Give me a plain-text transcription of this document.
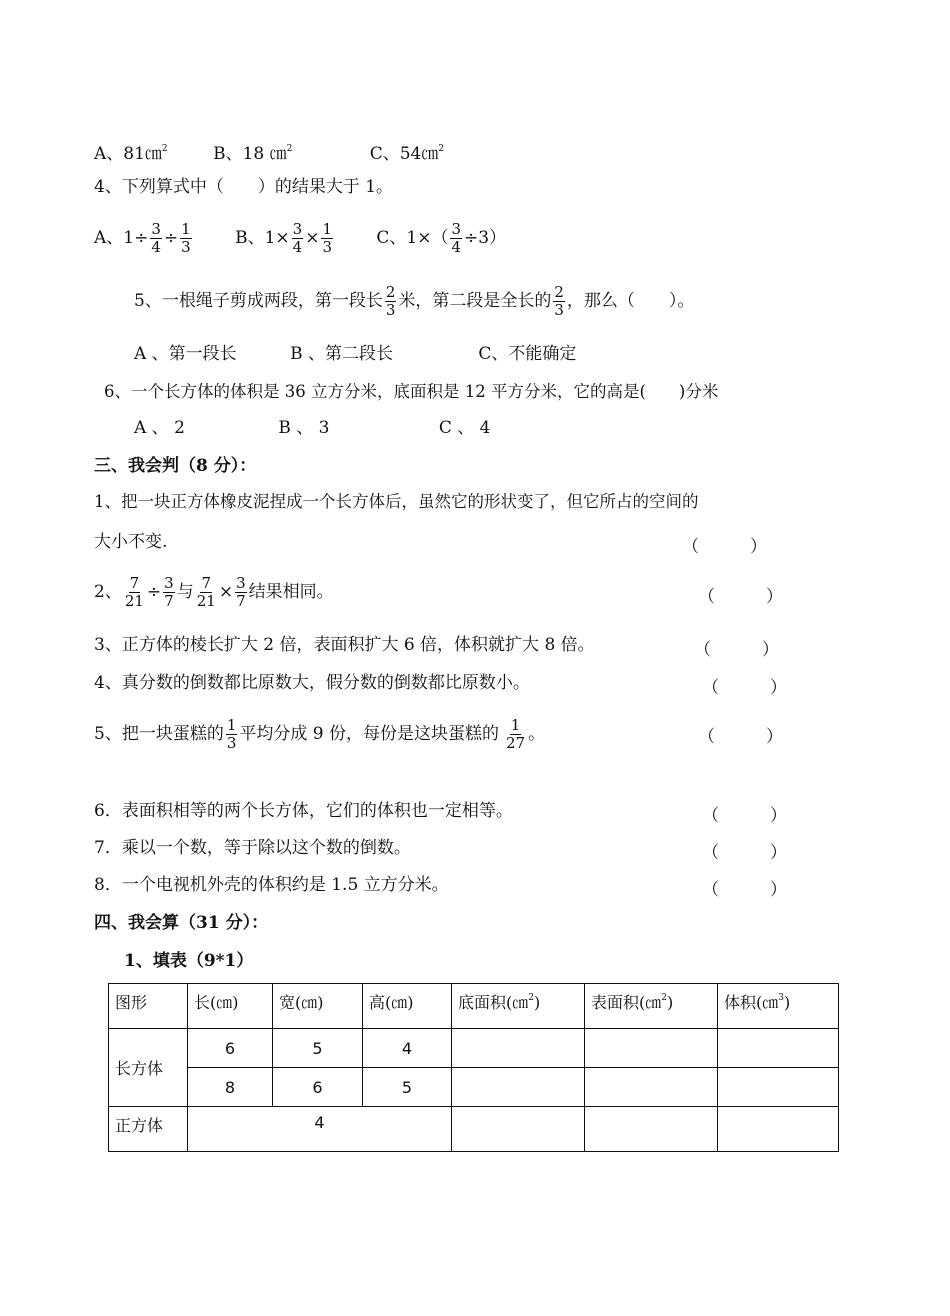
A、81㎝$^2$	B、18 ㎝$^2$	C、54㎝$^2$
4、下列算式中（　　）的结果大于 1。
A、$1\div \frac{3}{4} \div \frac{1}{3}$	B、$1\times \frac{3}{4} \times \frac{1}{3}$	C、$1\times( \frac{3}{4} \div 3)$
5、一根绳子剪成两段，第一段长 $\frac{2}{3}$ 米，第二段是全长的 $\frac{2}{3}$ ，那么（　　）。
A 、第一段长	B 、第二段长	C、不能确定
6、一个长方体的体积是 36 立方分米，底面积是 12 平方分米，它的高是(　　)分米
A 、 2	B 、 3	C 、 4
三、我会判（8 分）：
1、把一块正方体橡皮泥捏成一个长方体后，虽然它的形状变了，但它所占的空间的
大小不变.	（　　　）
2、 $\frac{7}{21} \div \frac{3}{7}$ 与 $\frac{7}{21} \times \frac{3}{7}$ 结果相同。	（　　　）
3、正方体的棱长扩大 2 倍，表面积扩大 6 倍，体积就扩大 8 倍。	（　　　）
4、真分数的倒数都比原数大，假分数的倒数都比原数小。	（　　　）
5、把一块蛋糕的 $\frac{1}{3}$ 平均分成 9 份，每份是这块蛋糕的 $\frac{1}{27}$ 。	（　　　）
6．表面积相等的两个长方体，它们的体积也一定相等。	（　　　）
7．乘以一个数，等于除以这个数的倒数。	（　　　）
8．一个电视机外壳的体积约是 1.5 立方分米。	（　　　）
四、我会算（31 分）：
1、填表（9*1）
图形	长(㎝)	宽(㎝)	高(㎝)	底面积(㎝$^2$)	表面积(㎝$^2$)	体积(㎝$^3$)
长方体	6	5	4			
	8	6	5			
正方体	4					
